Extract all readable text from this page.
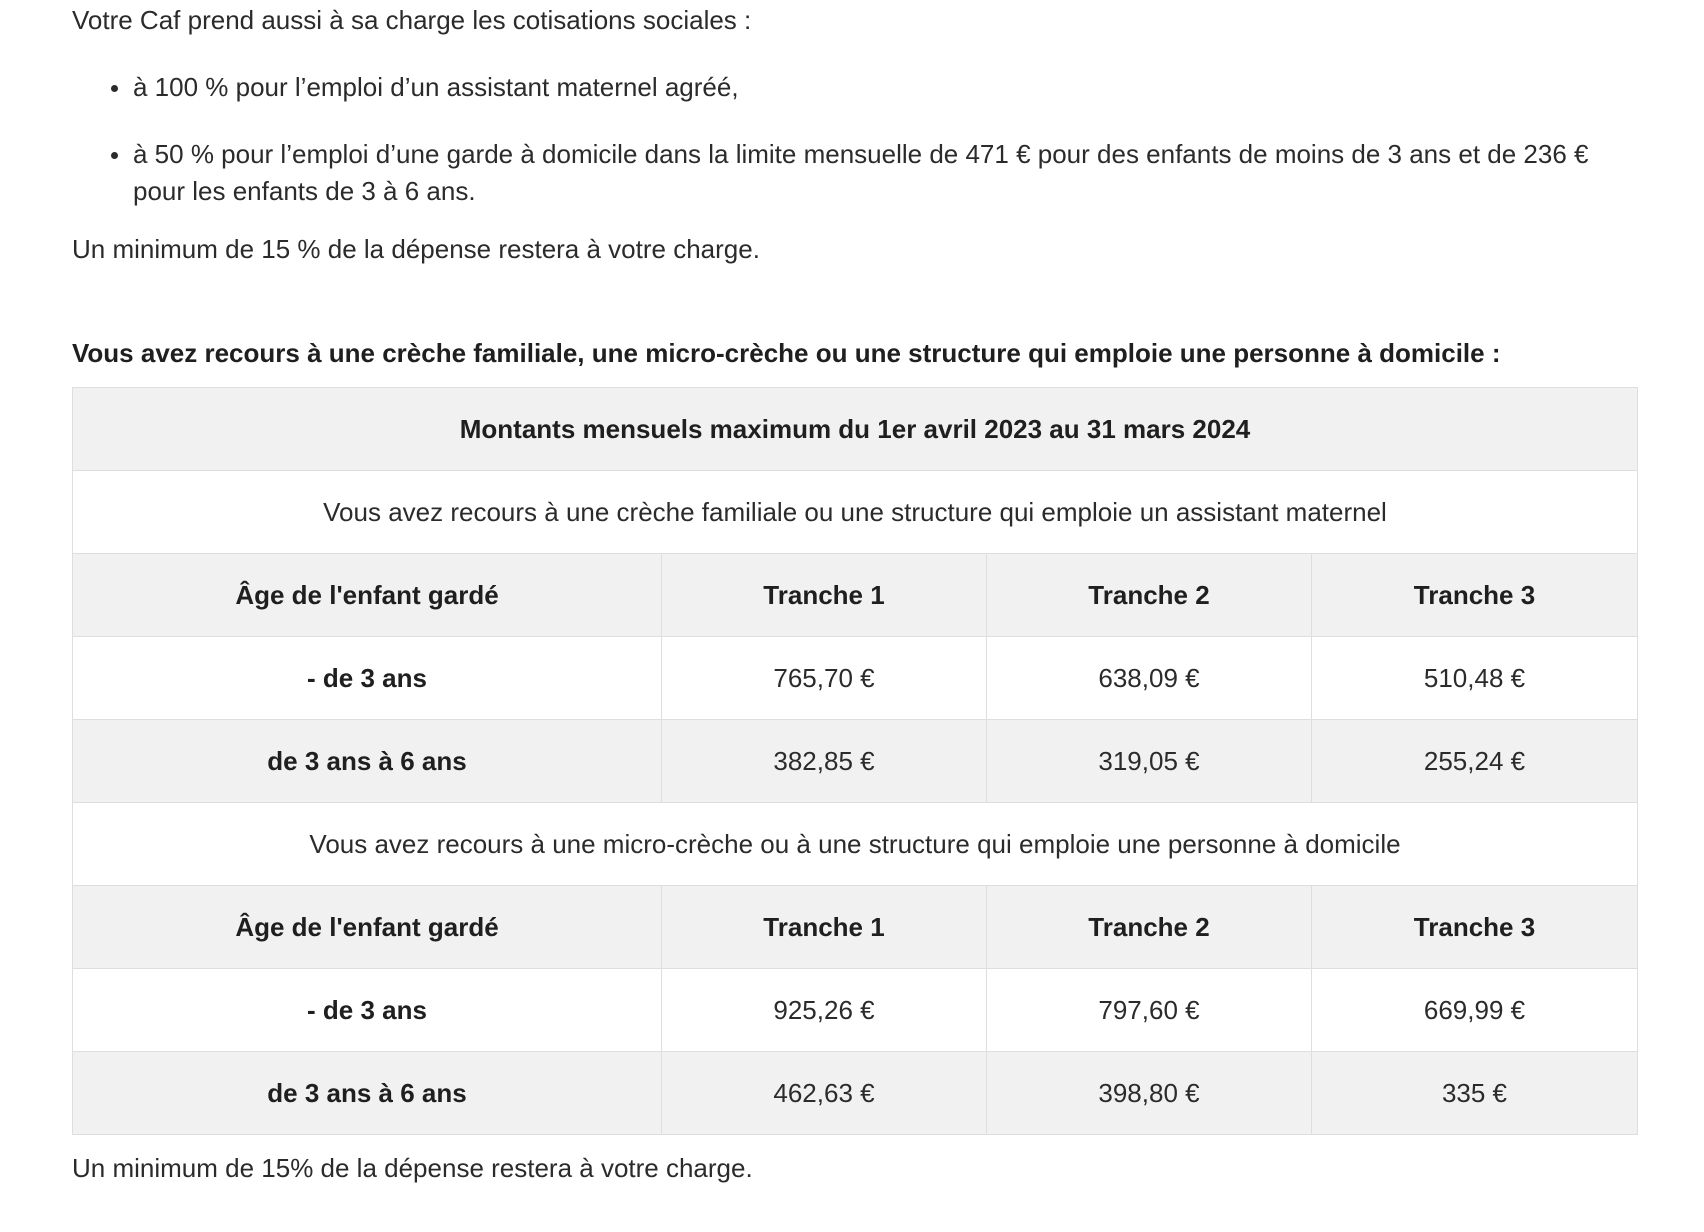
Votre Caf prend aussi à sa charge les cotisations sociales :

à 100 % pour l’emploi d’un assistant maternel agréé,
à 50 % pour l’emploi d’une garde à domicile dans la limite mensuelle de 471 € pour des enfants de moins de 3 ans et de 236 € pour les enfants de 3 à 6 ans.

Un minimum de 15 % de la dépense restera à votre charge.

Vous avez recours à une crèche familiale, une micro-crèche ou une structure qui emploie une personne à domicile :

Montants mensuels maximum du 1er avril 2023 au 31 mars 2024			
Vous avez recours à une crèche familiale ou une structure qui emploie un assistant maternel			
Âge de l'enfant gardé	Tranche 1	Tranche 2	Tranche 3
- de 3 ans	765,70 €	638,09 €	510,48 €
de 3 ans à 6 ans	382,85 €	319,05 €	255,24 €
Vous avez recours à une micro-crèche ou à une structure qui emploie une personne à domicile			
Âge de l'enfant gardé	Tranche 1	Tranche 2	Tranche 3
- de 3 ans	925,26 €	797,60 €	669,99 €
de 3 ans à 6 ans	462,63 €	398,80 €	335 €

Un minimum de 15% de la dépense restera à votre charge.
